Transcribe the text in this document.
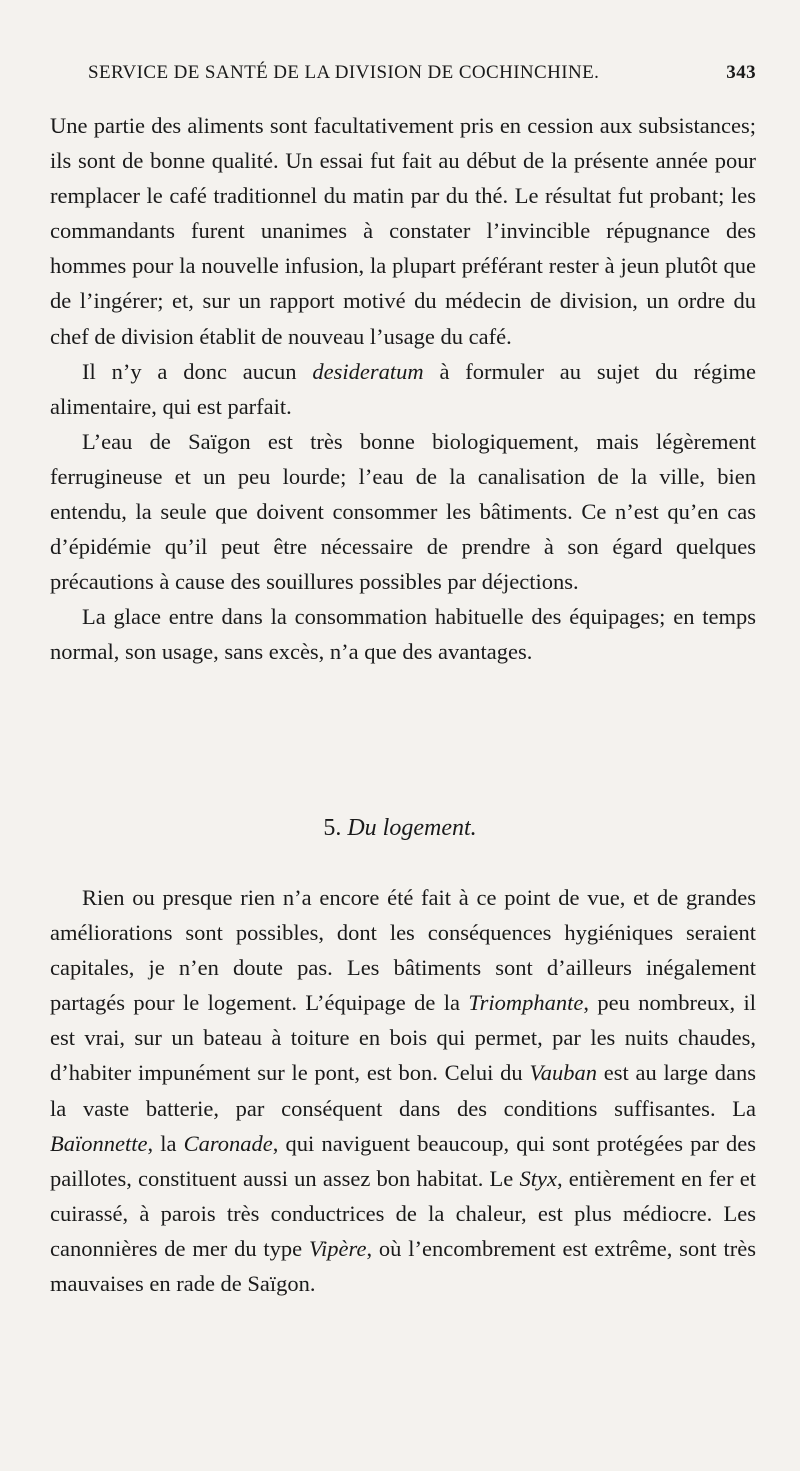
SERVICE DE SANTÉ DE LA DIVISION DE COCHINCHINE.	343

Une partie des aliments sont facultativement pris en cession aux subsistances; ils sont de bonne qualité. Un essai fut fait au début de la présente année pour remplacer le café traditionnel du matin par du thé. Le résultat fut probant; les commandants furent unanimes à constater l’invincible répugnance des hommes pour la nouvelle infusion, la plupart préférant rester à jeun plutôt que de l’ingérer; et, sur un rapport motivé du médecin de division, un ordre du chef de division établit de nouveau l’usage du café.

Il n’y a donc aucun desideratum à formuler au sujet du régime alimentaire, qui est parfait.

L’eau de Saïgon est très bonne biologiquement, mais légèrement ferrugineuse et un peu lourde; l’eau de la canalisation de la ville, bien entendu, la seule que doivent consommer les bâtiments. Ce n’est qu’en cas d’épidémie qu’il peut être nécessaire de prendre à son égard quelques précautions à cause des souillures possibles par déjections.

La glace entre dans la consommation habituelle des équipages; en temps normal, son usage, sans excès, n’a que des avantages.

5. Du logement.

Rien ou presque rien n’a encore été fait à ce point de vue, et de grandes améliorations sont possibles, dont les conséquences hygiéniques seraient capitales, je n’en doute pas. Les bâtiments sont d’ailleurs inégalement partagés pour le logement. L’équipage de la Triomphante, peu nombreux, il est vrai, sur un bateau à toiture en bois qui permet, par les nuits chaudes, d’habiter impunément sur le pont, est bon. Celui du Vauban est au large dans la vaste batterie, par conséquent dans des conditions suffisantes. La Baïonnette, la Caronade, qui naviguent beaucoup, qui sont protégées par des paillotes, constituent aussi un assez bon habitat. Le Styx, entièrement en fer et cuirassé, à parois très conductrices de la chaleur, est plus médiocre. Les canonnières de mer du type Vipère, où l’encombrement est extrême, sont très mauvaises en rade de Saïgon.
